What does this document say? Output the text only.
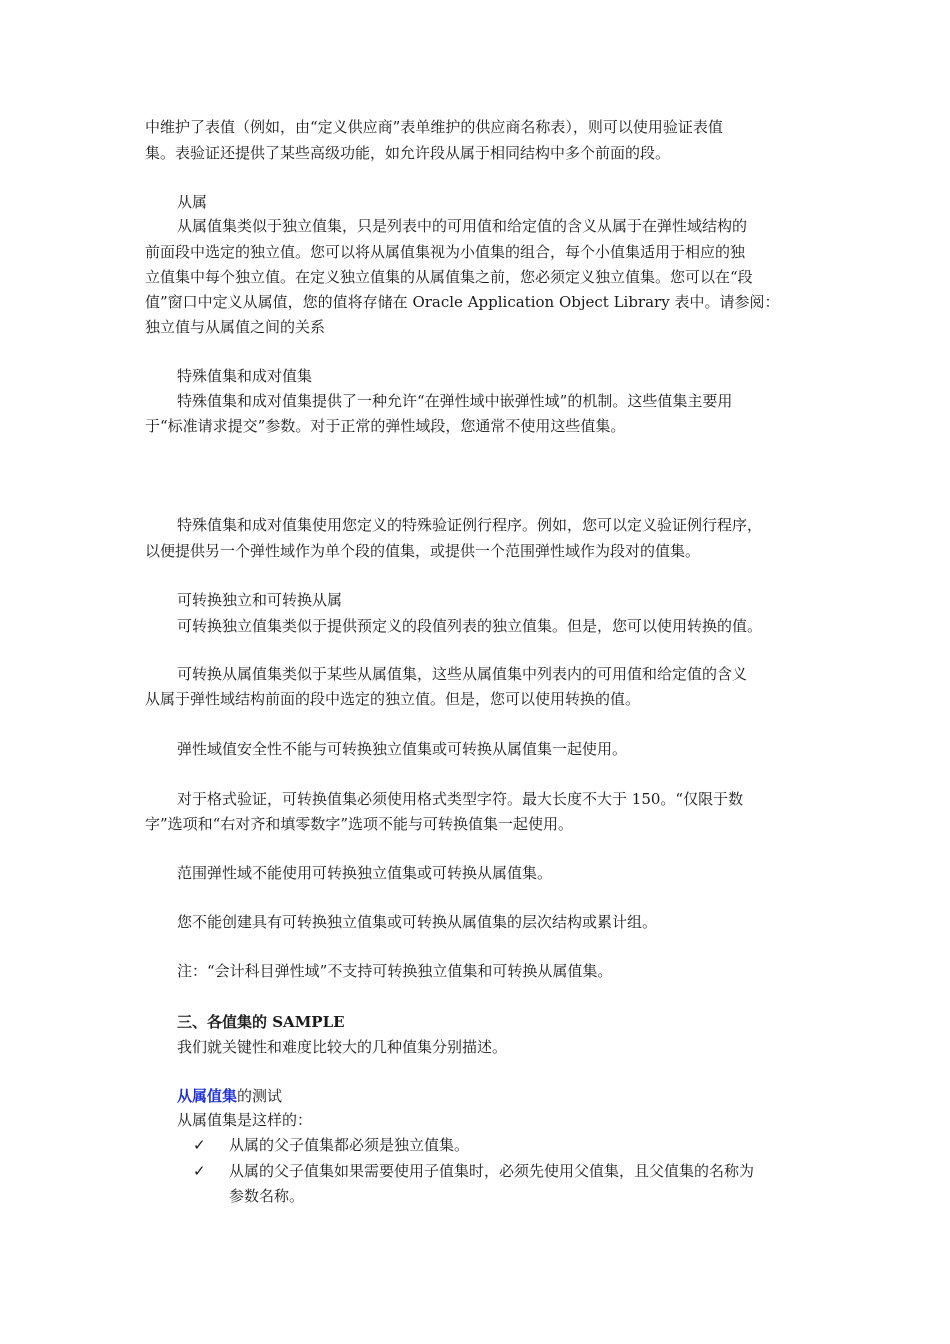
中维护了表值（例如，由“定义供应商”表单维护的供应商名称表），则可以使用验证表值
集。表验证还提供了某些高级功能，如允许段从属于相同结构中多个前面的段。
从属
从属值集类似于独立值集，只是列表中的可用值和给定值的含义从属于在弹性域结构的
前面段中选定的独立值。您可以将从属值集视为小值集的组合，每个小值集适用于相应的独
立值集中每个独立值。在定义独立值集的从属值集之前，您必须定义独立值集。您可以在“段
值”窗口中定义从属值，您的值将存储在 Oracle Application Object Library 表中。请参阅：
独立值与从属值之间的关系
特殊值集和成对值集
特殊值集和成对值集提供了一种允许“在弹性域中嵌弹性域”的机制。这些值集主要用
于“标准请求提交”参数。对于正常的弹性域段，您通常不使用这些值集。
特殊值集和成对值集使用您定义的特殊验证例行程序。例如，您可以定义验证例行程序，
以便提供另一个弹性域作为单个段的值集，或提供一个范围弹性域作为段对的值集。
可转换独立和可转换从属
可转换独立值集类似于提供预定义的段值列表的独立值集。但是，您可以使用转换的值。
可转换从属值集类似于某些从属值集，这些从属值集中列表内的可用值和给定值的含义
从属于弹性域结构前面的段中选定的独立值。但是，您可以使用转换的值。
弹性域值安全性不能与可转换独立值集或可转换从属值集一起使用。
对于格式验证，可转换值集必须使用格式类型字符。最大长度不大于 150。“仅限于数
字”选项和“右对齐和填零数字”选项不能与可转换值集一起使用。
范围弹性域不能使用可转换独立值集或可转换从属值集。
您不能创建具有可转换独立值集或可转换从属值集的层次结构或累计组。
注：“会计科目弹性域”不支持可转换独立值集和可转换从属值集。
三、各值集的 SAMPLE
我们就关键性和难度比较大的几种值集分别描述。
从属值集的测试
从属值集是这样的：
✓ 从属的父子值集都必须是独立值集。
✓ 从属的父子值集如果需要使用子值集时，必须先使用父值集，且父值集的名称为
参数名称。
